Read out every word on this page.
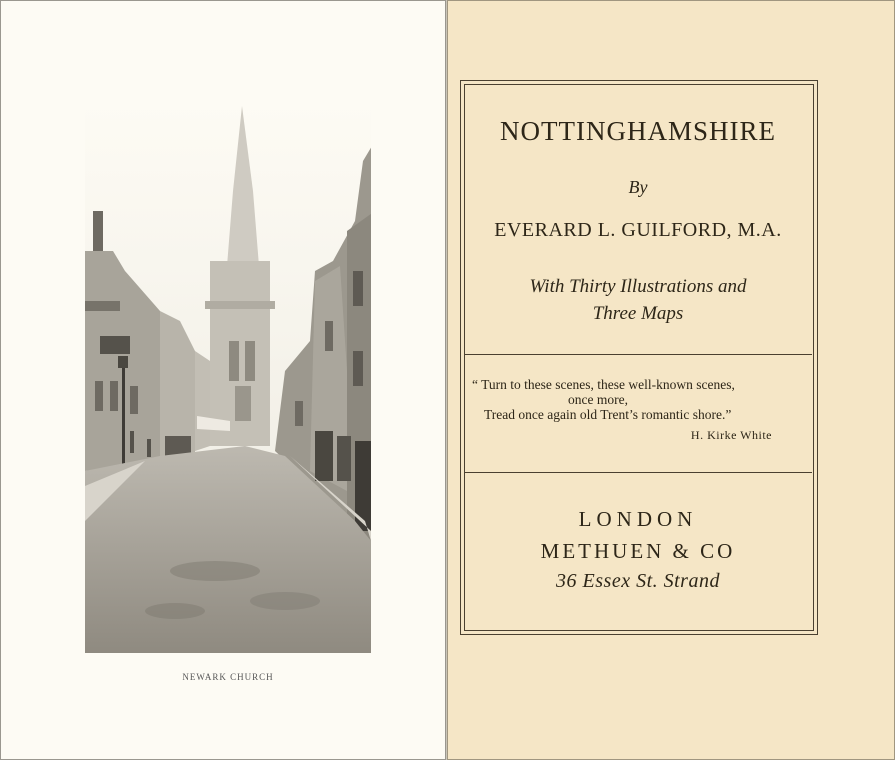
NEWARK CHURCH
NOTTINGHAMSHIRE
By
EVERARD L. GUILFORD, M.A.
With Thirty Illustrations and
Three Maps
“ Turn to these scenes, these well-known scenes,
once more,
Tread once again old Trent’s romantic shore.”
H. Kirke White
LONDON
METHUEN & CO
36 Essex St. Strand
